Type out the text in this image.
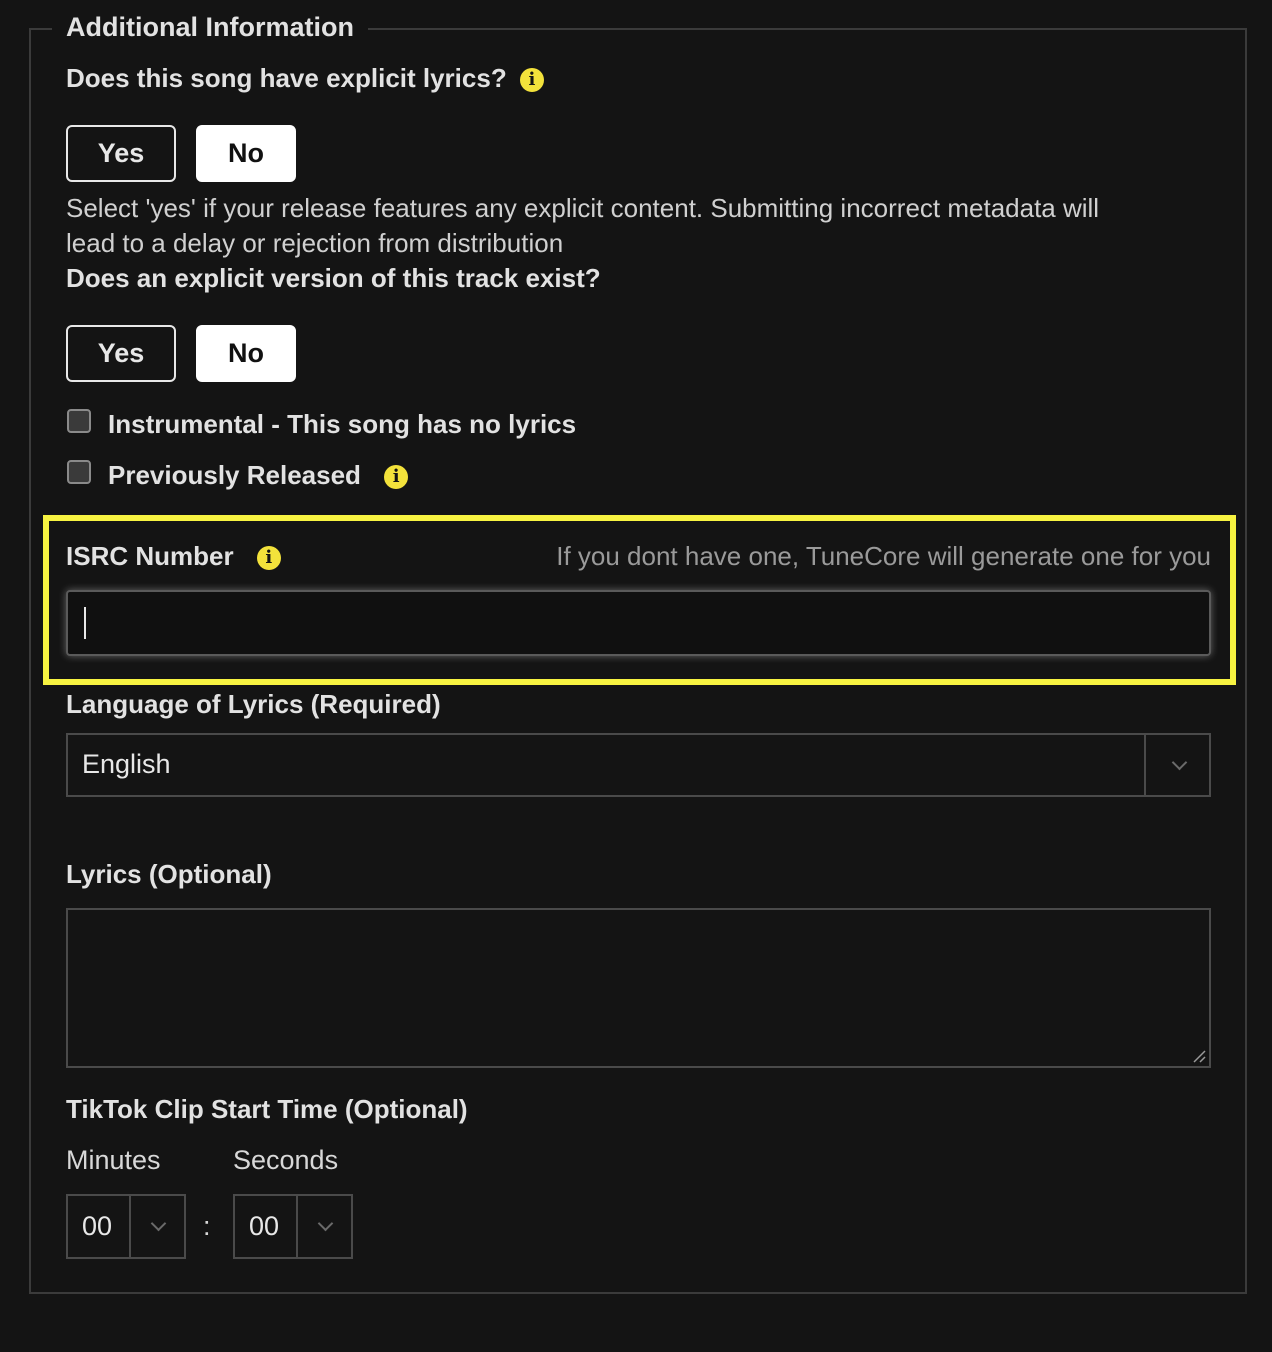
Additional Information
Does this song have explicit lyrics? i
Yes	No
Select 'yes' if your release features any explicit content. Submitting incorrect metadata will
lead to a delay or rejection from distribution
Does an explicit version of this track exist?
Yes	No
Instrumental - This song has no lyrics
Previously Released i
ISRC Number i	If you dont have one, TuneCore will generate one for you
Language of Lyrics (Required)
English
Lyrics (Optional)
TikTok Clip Start Time (Optional)
Minutes	Seconds
00	: 00
